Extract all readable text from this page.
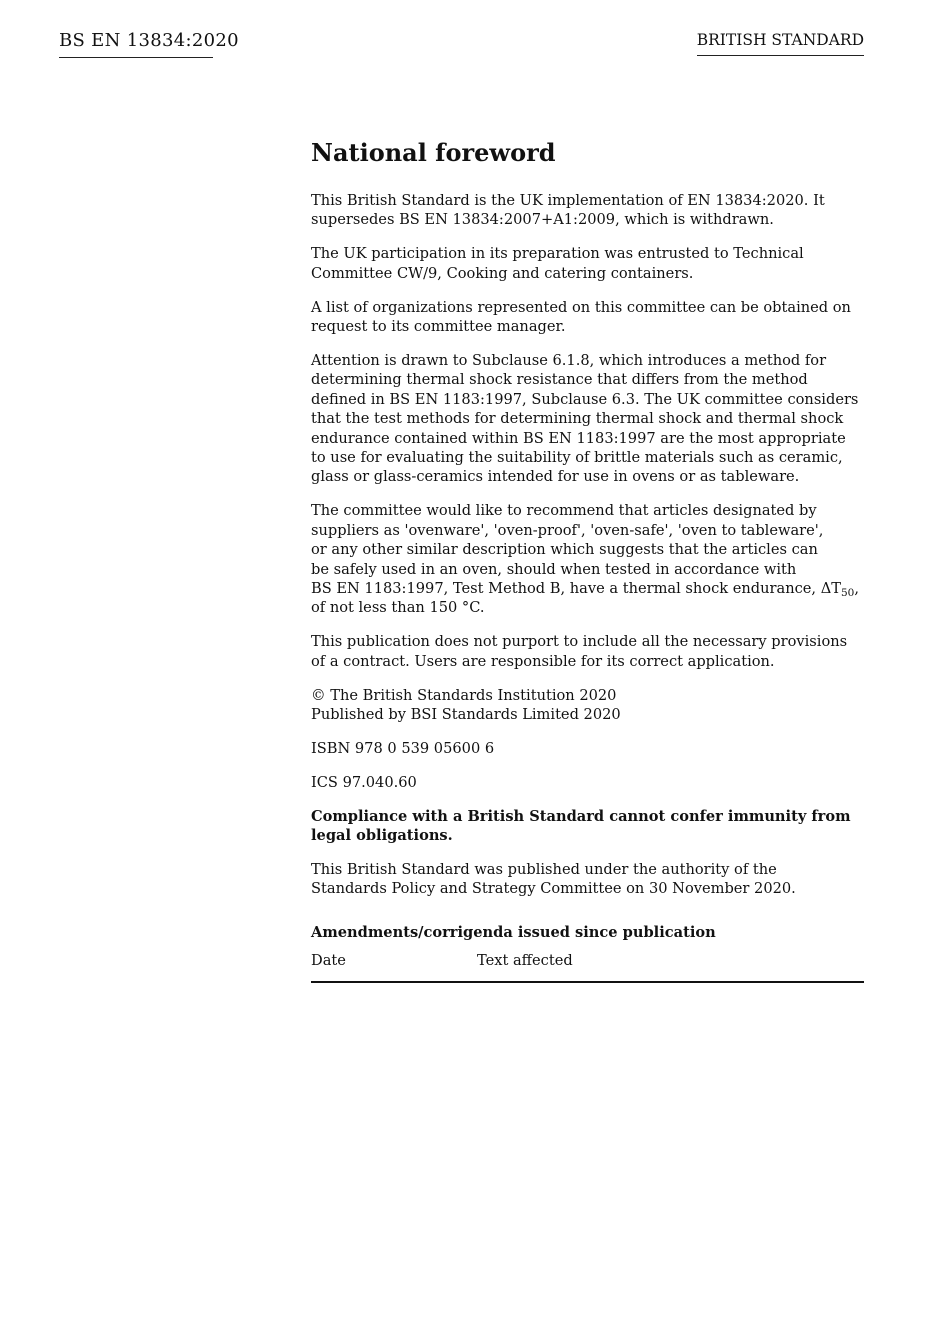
BS EN 13834:2020	BRITISH STANDARD
National foreword

This British Standard is the UK implementation of EN 13834:2020. It
supersedes BS EN 13834:2007+A1:2009, which is withdrawn.

The UK participation in its preparation was entrusted to Technical
Committee CW/9, Cooking and catering containers.

A list of organizations represented on this committee can be obtained on
request to its committee manager.

Attention is drawn to Subclause 6.1.8, which introduces a method for
determining thermal shock resistance that differs from the method
defined in BS EN 1183:1997, Subclause 6.3. The UK committee considers
that the test methods for determining thermal shock and thermal shock
endurance contained within BS EN 1183:1997 are the most appropriate
to use for evaluating the suitability of brittle materials such as ceramic,
glass or glass-ceramics intended for use in ovens or as tableware.

The committee would like to recommend that articles designated by
suppliers as 'ovenware', 'oven-proof', 'oven-safe', 'oven to tableware',
or any other similar description which suggests that the articles can
be safely used in an oven, should when tested in accordance with
BS EN 1183:1997, Test Method B, have a thermal shock endurance, $\Delta T_{50}$,
of not less than 150 °C.

This publication does not purport to include all the necessary provisions
of a contract. Users are responsible for its correct application.

© The British Standards Institution 2020
Published by BSI Standards Limited 2020

ISBN 978 0 539 05600 6

ICS 97.040.60

Compliance with a British Standard cannot confer immunity from
legal obligations.

This British Standard was published under the authority of the
Standards Policy and Strategy Committee on 30 November 2020.

Amendments/corrigenda issued since publication
Date	Text affected
